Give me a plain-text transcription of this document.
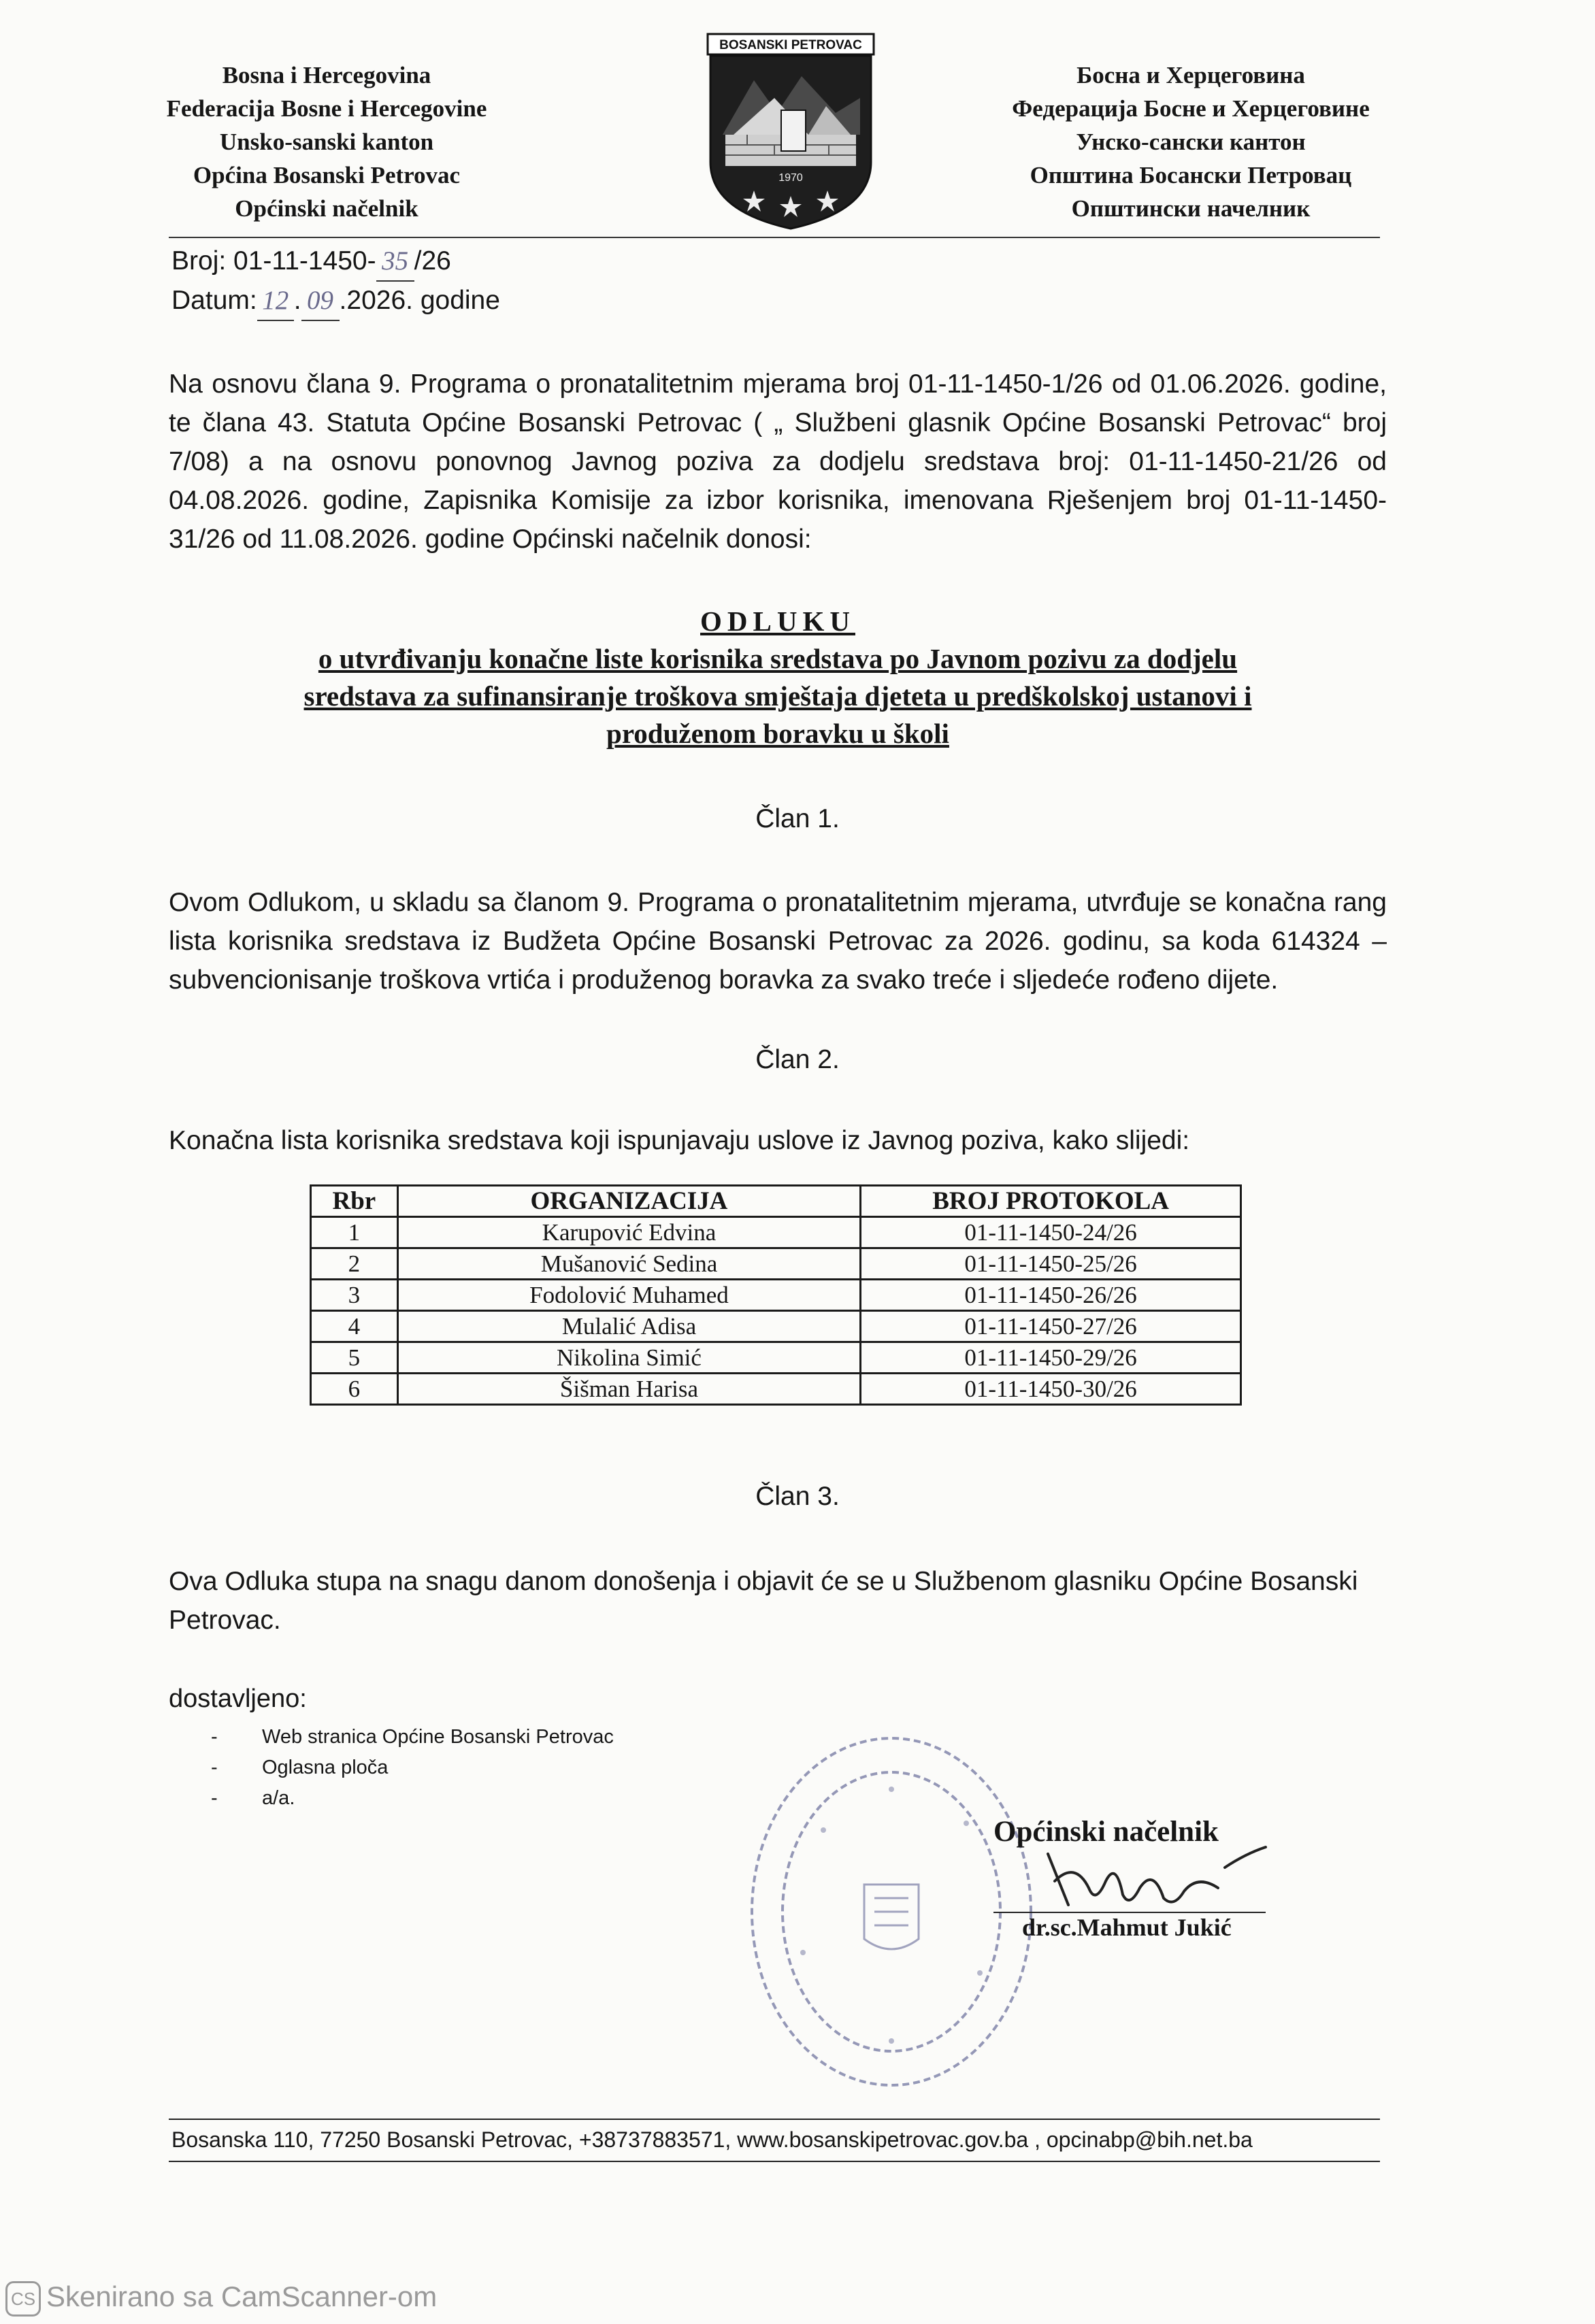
Bosna i Hercegovina
Federacija Bosne i Hercegovine
Unsko-sanski kanton
Općina Bosanski Petrovac
Općinski načelnik
BOSANSKI PETROVAC
1970
Босна и Херцеговина
Федерација Босне и Херцеговине
Унско-сански кантон
Општина Босански Петровац
Општински начелник
Broj: 01-11-1450- 35 /26
Datum: 12 . 09 .2026. godine
Na osnovu člana 9. Programa o pronatalitetnim mjerama broj 01-11-1450-1/26 od 01.06.2026. godine, te člana 43. Statuta Općine Bosanski Petrovac ( „ Službeni glasnik Općine Bosanski Petrovac“ broj 7/08) a na osnovu ponovnog Javnog poziva za dodjelu sredstava broj: 01-11-1450-21/26 od 04.08.2026. godine, Zapisnika Komisije za izbor korisnika, imenovana Rješenjem broj 01-11-1450-31/26 od 11.08.2026. godine Općinski načelnik donosi:
ODLUKU
o utvrđivanju konačne liste korisnika sredstava po Javnom pozivu za dodjelu
sredstava za sufinansiranje troškova smještaja djeteta u predškolskoj ustanovi i
produženom boravku u školi
Član 1.
Ovom Odlukom, u skladu sa članom 9. Programa o pronatalitetnim mjerama, utvrđuje se konačna rang lista korisnika sredstava iz Budžeta Općine Bosanski Petrovac za 2026. godinu, sa koda 614324 – subvencionisanje troškova vrtića i produženog boravka za svako treće i sljedeće rođeno dijete.
Član 2.
Konačna lista korisnika sredstava koji ispunjavaju uslove iz Javnog poziva, kako slijedi:
Rbr	ORGANIZACIJA	BROJ PROTOKOLA
1	Karupović Edvina	01-11-1450-24/26
2	Mušanović Sedina	01-11-1450-25/26
3	Fodolović Muhamed	01-11-1450-26/26
4	Mulalić Adisa	01-11-1450-27/26
5	Nikolina Simić	01-11-1450-29/26
6	Šišman Harisa	01-11-1450-30/26
Član 3.
Ova Odluka stupa na snagu danom donošenja i objavit će se u Službenom glasniku Općine Bosanski Petrovac.
dostavljeno:
- Web stranica Općine Bosanski Petrovac
- Oglasna ploča
- a/a.
Općinski načelnik
dr.sc.Mahmut Jukić
Bosanska 110, 77250 Bosanski Petrovac, +38737883571, www.bosanskipetrovac.gov.ba , opcinabp@bih.net.ba
CS Skenirano sa CamScanner-om
